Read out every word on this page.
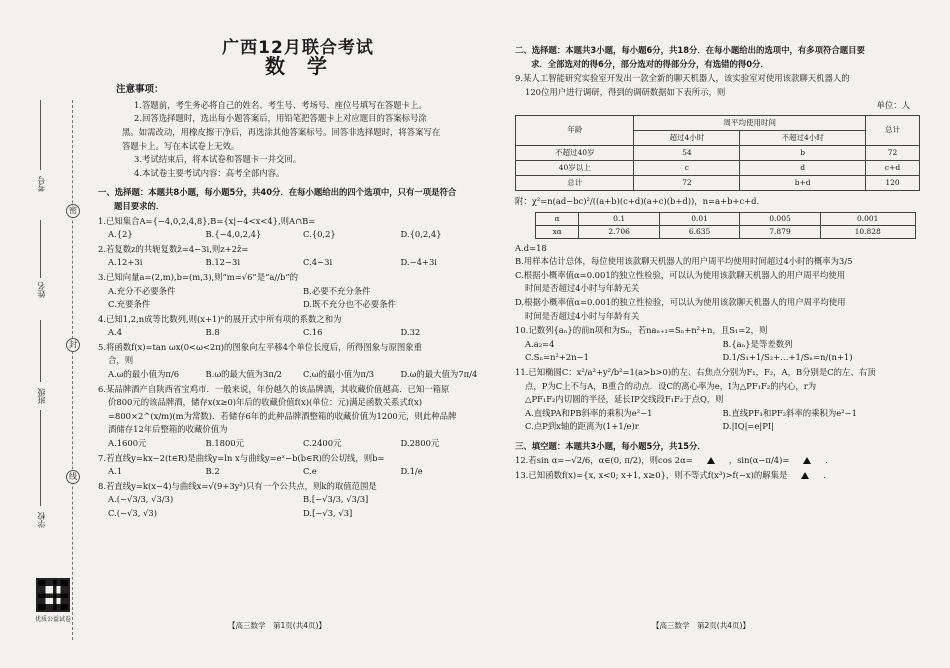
密
封
线
考号
姓名
班级
学校
优质公益试卷
广西12月联合考试
数学
注意事项：

1.答题前，考生务必将自己的姓名、考生号、考场号、座位号填写在答题卡上。

2.回答选择题时，选出每小题答案后，用铅笔把答题卡上对应题目的答案标号涂

黑。如需改动，用橡皮擦干净后，再选涂其他答案标号。回答非选择题时，将答案写在

答题卡上。写在本试卷上无效。

3.考试结束后，将本试卷和答题卡一并交回。

4.本试卷主要考试内容：高考全部内容。

一、选择题：本题共8小题，每小题5分，共40分．在每小题给出的四个选项中，只有一项是符合
题目要求的．
1.已知集合A={−4,0,2,4,8},B={x|−4<x<4},则A∩B=
A.{2}	B.{−4,0,2,4}	C.{0,2}	D.{0,2,4}
2.若复数z的共轭复数z̄=4−3i,则z+2z̄=
A.12+3i	B.12−3i	C.4−3i	D.−4+3i
3.已知向量a=(2,m),b=(m,3),则“m=√6”是“a//b”的
A.充分不必要条件	B.必要不充分条件
C.充要条件	D.既不充分也不必要条件
4.已知1,2,n成等比数列,则(x+1)ⁿ的展开式中所有项的系数之和为
A.4	B.8	C.16	D.32
5.将函数f(x)=tan ωx(0<ω<2π)的图象向左平移4个单位长度后，所得图象与原图象重
合，则
A.ω的最小值为π/6	B.ω的最大值为3π/2	C.ω的最小值为π/3	D.ω的最大值为7π/4
6.某品牌酒产自陕西省宝鸡市．一般来说，年份越久的该品牌酒，其收藏价值越高．已知一箱原
价800元的该品牌酒，储存x(x≥0)年后的收藏价值f(x)(单位：元)满足函数关系式f(x)
=800×2^(x/m)(m为常数)．若储存6年的此种品牌酒整箱的收藏价值为1200元，则此种品牌
酒储存12年后整箱的收藏价值为
A.1600元	B.1800元	C.2400元	D.2800元
7.若直线y=kx−2(t∈R)是曲线y=ln x与曲线y=eˣ−b(b∈R)的公切线，则b=
A.1	B.2	C.e	D.1/e
8.若直线y=k(x−4)与曲线x=√(9+3y²)只有一个公共点，则k的取值范围是
A.(−√3/3, √3/3)	B.[−√3/3, √3/3]
C.(−√3, √3)	D.[−√3, √3]
【高三数学　第1页(共4页)】
二、选择题：本题共3小题，每小题6分，共18分．在每小题给出的选项中，有多项符合题目要
求．全部选对的得6分，部分选对的得部分分，有选错的得0分．
9.某人工智能研究实验室开发出一款全新的聊天机器人，该实验室对使用该款聊天机器人的
120位用户进行调研，得到的调研数据如下表所示，则
单位：人
年龄	周平均使用时间		总计
	超过4小时	不超过4小时	
不超过40岁	54	b	72
40岁以上	c	d	c+d
总计	72	b+d	120
附：χ²=n(ad−bc)²/((a+b)(c+d)(a+c)(b+d))，n=a+b+c+d．
α	0.1	0.01	0.005	0.001
xα	2.706	6.635	7.879	10.828
A.d=18
B.用样本估计总体，每位使用该款聊天机器人的用户周平均使用时间超过4小时的概率为3/5
C.根据小概率值α=0.001的独立性检验，可以认为使用该款聊天机器人的用户周平均使用
时间是否超过4小时与年龄无关
D.根据小概率值α=0.001的独立性检验，可以认为使用该款聊天机器人的用户周平均使用
时间是否超过4小时与年龄有关
10.记数列{aₙ}的前n项和为Sₙ，若naₙ₊₁=Sₙ+n²+n，且S₁=2，则
A.a₂=4	B.{aₙ}是等差数列
C.Sₙ=n²+2n−1	D.1/S₁+1/S₂+…+1/Sₙ=n/(n+1)
11.已知椭圆C：x²/a²+y²/b²=1(a>b>0)的左、右焦点分别为F₁，F₂，A，B分别是C的左、右顶
点，P为C上不与A，B重合的动点．设C的离心率为e，I为△PF₁F₂的内心，r为
△PF₁F₂内切圆的半径，延长IP交线段F₁F₂于点Q，则
A.直线PA和PB斜率的乘积为e²−1	B.直线PF₁和PF₂斜率的乘积为e²−1
C.点P到x轴的距离为(1+1/e)r	D.|IQ|=e|PI|
三、填空题：本题共3小题，每小题5分，共15分．
12.若sin α=−√2/6，α∈(0, π/2)，则cos 2α=	，sin(α−π/4)=	．
13.已知函数f(x)={x, x<0; x+1, x≥0}，则不等式f(x³)>f(−x)的解集是	．
【高三数学　第2页(共4页)】
